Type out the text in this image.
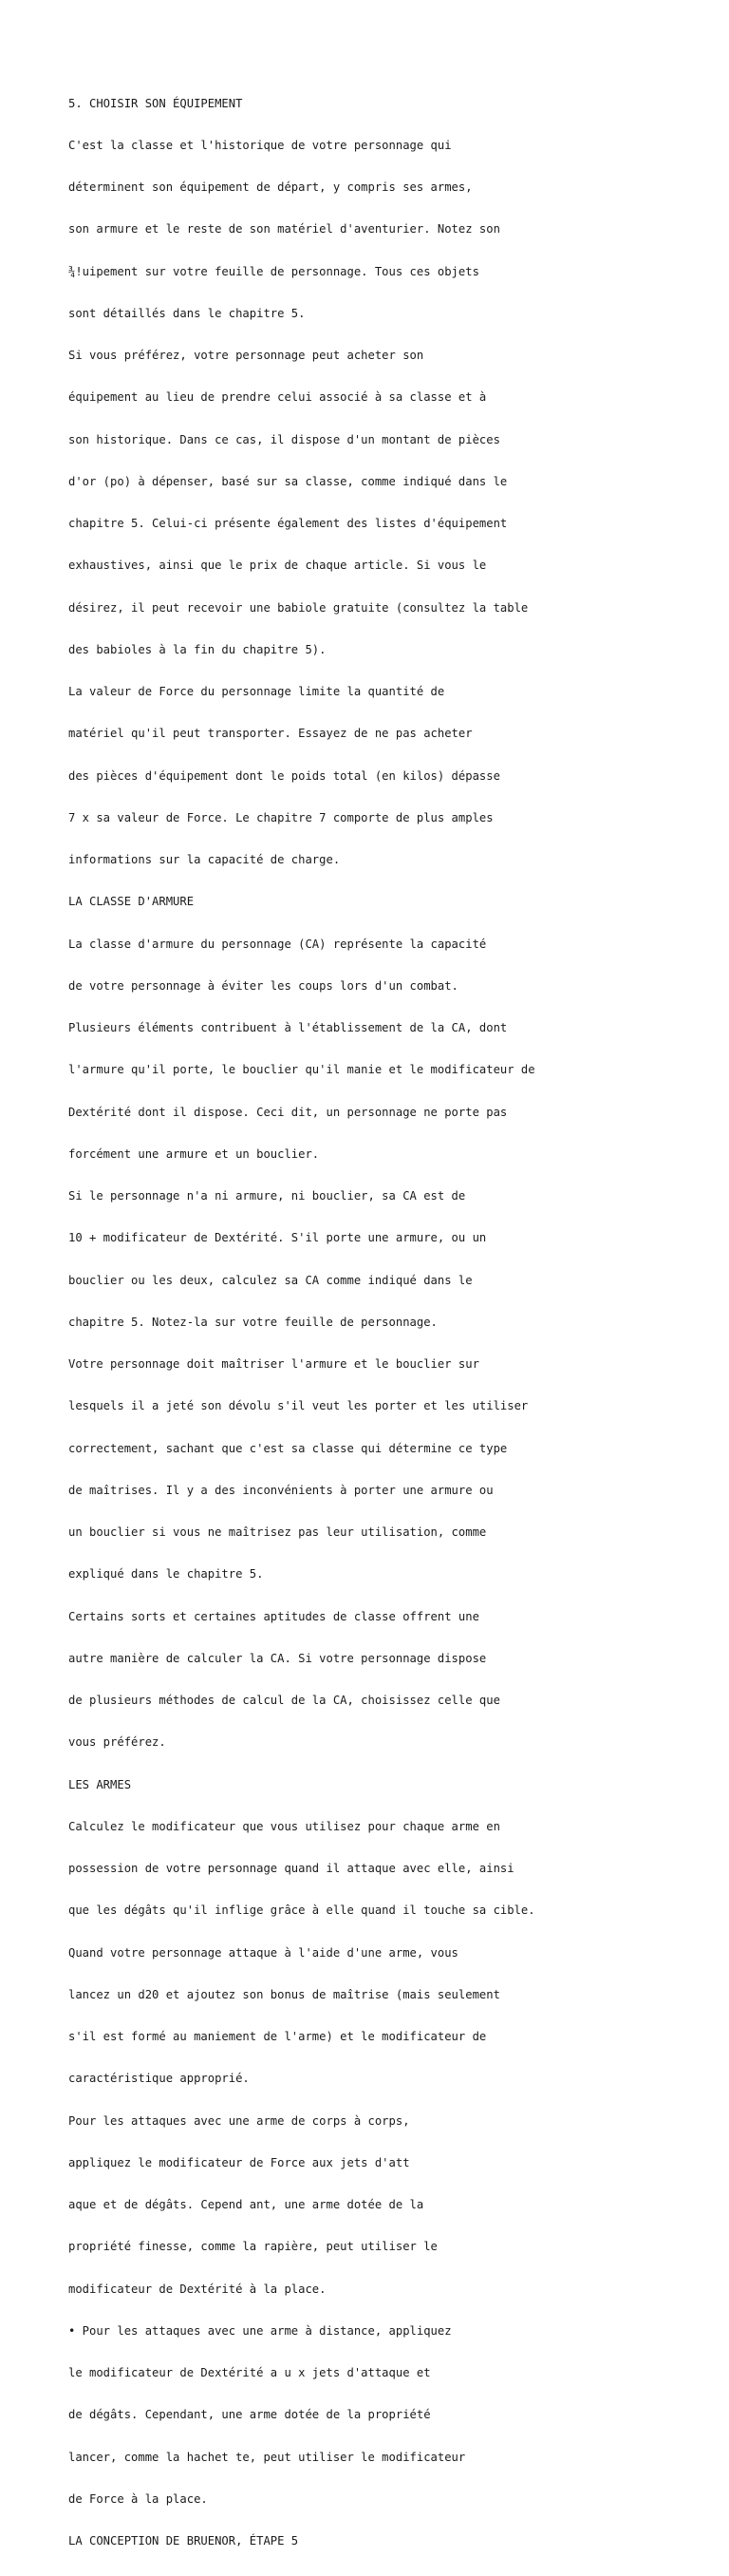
5. CHOISIR SON ÉQUIPEMENT

C'est la classe et l'historique de votre personnage qui

déterminent son équipement de départ, y compris ses armes,

son armure et le reste de son matériel d'aventurier. Notez son

¾!uipement sur votre feuille de personnage. Tous ces objets

sont détaillés dans le chapitre 5.

Si vous préférez, votre personnage peut acheter son

équipement au lieu de prendre celui associé à sa classe et à

son historique. Dans ce cas, il dispose d'un montant de pièces

d'or (po) à dépenser, basé sur sa classe, comme indiqué dans le

chapitre 5. Celui-ci présente également des listes d'équipement

exhaustives, ainsi que le prix de chaque article. Si vous le

désirez, il peut recevoir une babiole gratuite (consultez la table

des babioles à la fin du chapitre 5).

La valeur de Force du personnage limite la quantité de

matériel qu'il peut transporter. Essayez de ne pas acheter

des pièces d'équipement dont le poids total (en kilos) dépasse

7 x sa valeur de Force. Le chapitre 7 comporte de plus amples

informations sur la capacité de charge.

LA CLASSE D'ARMURE

La classe d'armure du personnage (CA) représente la capacité

de votre personnage à éviter les coups lors d'un combat.

Plusieurs éléments contribuent à l'établissement de la CA, dont

l'armure qu'il porte, le bouclier qu'il manie et le modificateur de

Dextérité dont il dispose. Ceci dit, un personnage ne porte pas

forcément une armure et un bouclier.

Si le personnage n'a ni armure, ni bouclier, sa CA est de

10 + modificateur de Dextérité. S'il porte une armure, ou un

bouclier ou les deux, calculez sa CA comme indiqué dans le

chapitre 5. Notez-la sur votre feuille de personnage.

Votre personnage doit maîtriser l'armure et le bouclier sur

lesquels il a jeté son dévolu s'il veut les porter et les utiliser

correctement, sachant que c'est sa classe qui détermine ce type

de maîtrises. Il y a des inconvénients à porter une armure ou

un bouclier si vous ne maîtrisez pas leur utilisation, comme

expliqué dans le chapitre 5.

Certains sorts et certaines aptitudes de classe offrent une

autre manière de calculer la CA. Si votre personnage dispose

de plusieurs méthodes de calcul de la CA, choisissez celle que

vous préférez.

LES ARMES

Calculez le modificateur que vous utilisez pour chaque arme en

possession de votre personnage quand il attaque avec elle, ainsi

que les dégâts qu'il inflige grâce à elle quand il touche sa cible.

Quand votre personnage attaque à l'aide d'une arme, vous

lancez un d20 et ajoutez son bonus de maîtrise (mais seulement

s'il est formé au maniement de l'arme) et le modificateur de

caractéristique approprié.

Pour les attaques avec une arme de corps à corps,

appliquez le modificateur de Force aux jets d'att

aque et de dégâts. Cepend ant, une arme dotée de la

propriété finesse, comme la rapière, peut utiliser le

modificateur de Dextérité à la place.

• Pour les attaques avec une arme à distance, appliquez

le modificateur de Dextérité a u x jets d'attaque et

de dégâts. Cependant, une arme dotée de la propriété

lancer, comme la hachet te, peut utiliser le modificateur

de Force à la place.

LA CONCEPTION DE BRUENOR, ÉTAPE 5
